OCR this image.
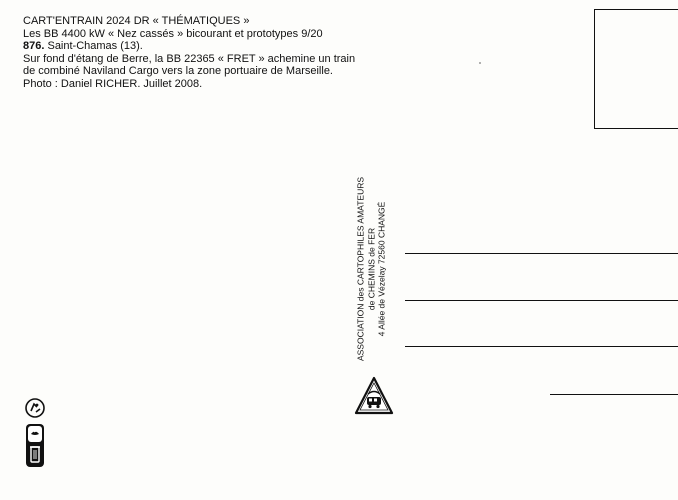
CART'ENTRAIN 2024 DR « THÉMATIQUES »
Les BB 4400 kW « Nez cassés » bicourant et prototypes 9/20
876. Saint-Chamas (13).
Sur fond d'étang de Berre, la BB 22365 « FRET » achemine un train
de combiné Naviland Cargo vers la zone portuaire de Marseille.
Photo : Daniel RICHER. Juillet 2008.
ASSOCIATION des CARTOPHILES AMATEURS de CHEMINS de FER 4 Allée de Vézelay 72560 CHANGÉ
